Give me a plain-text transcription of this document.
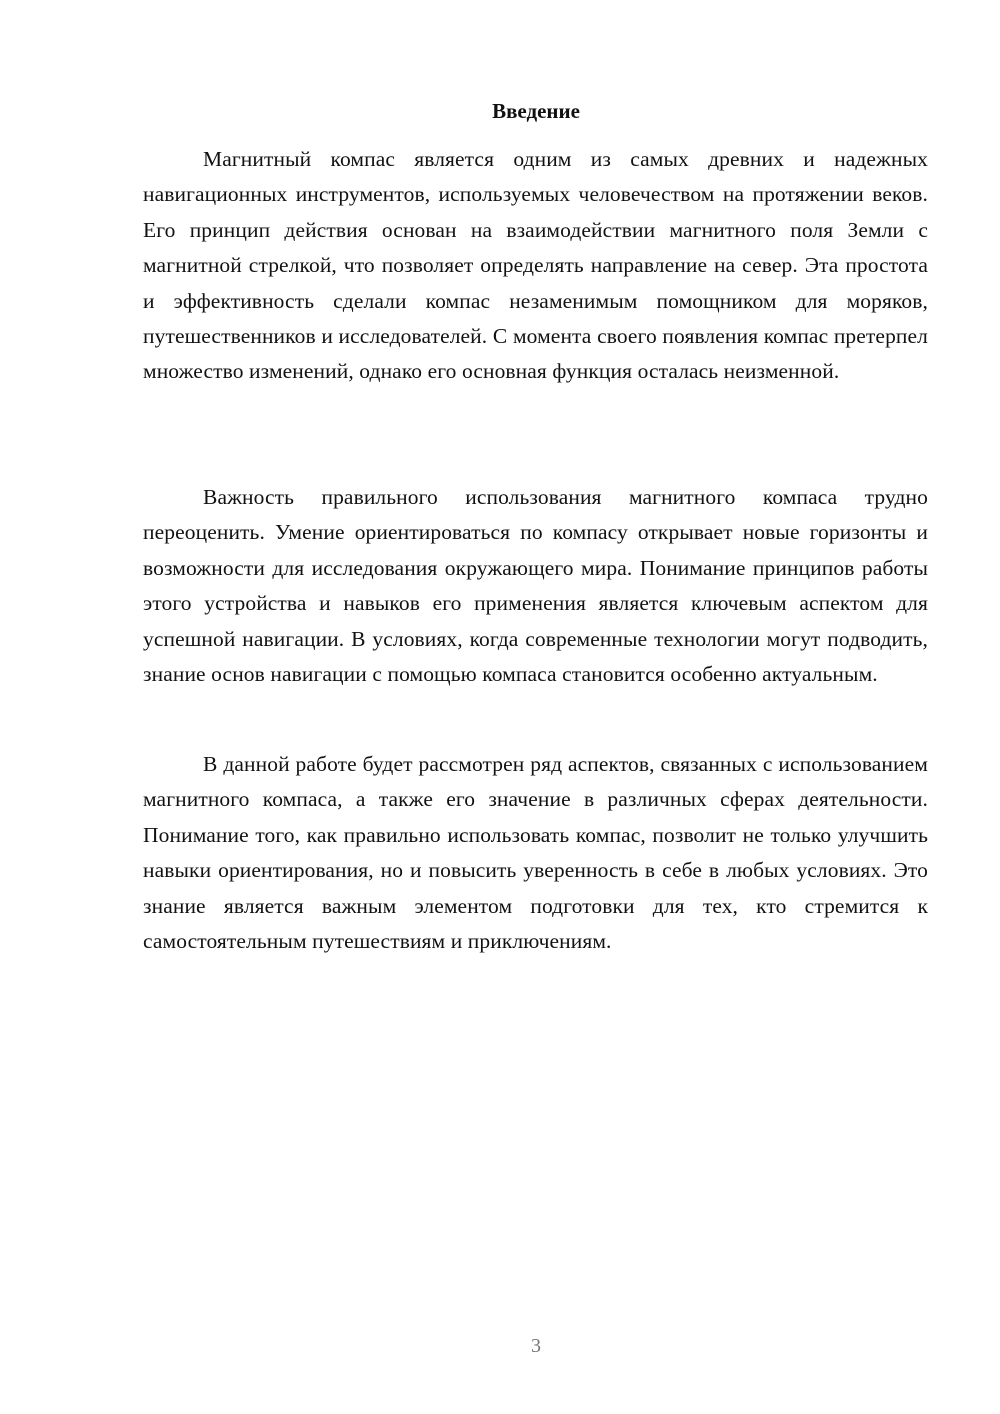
Введение

Магнитный компас является одним из самых древних и надежных навигационных инструментов, используемых человечеством на протяжении веков. Его принцип действия основан на взаимодействии магнитного поля Земли с магнитной стрелкой, что позволяет определять направление на север. Эта простота и эффективность сделали компас незаменимым помощником для моряков, путешественников и исследователей. С момента своего появления компас претерпел множество изменений, однако его основная функция осталась неизменной.

Важность правильного использования магнитного компаса трудно переоценить. Умение ориентироваться по компасу открывает новые горизонты и возможности для исследования окружающего мира. Понимание принципов работы этого устройства и навыков его применения является ключевым аспектом для успешной навигации. В условиях, когда современные технологии могут подводить, знание основ навигации с помощью компаса становится особенно актуальным.

В данной работе будет рассмотрен ряд аспектов, связанных с использованием магнитного компаса, а также его значение в различных сферах деятельности. Понимание того, как правильно использовать компас, позволит не только улучшить навыки ориентирования, но и повысить уверенность в себе в любых условиях. Это знание является важным элементом подготовки для тех, кто стремится к самостоятельным путешествиям и приключениям.

3
